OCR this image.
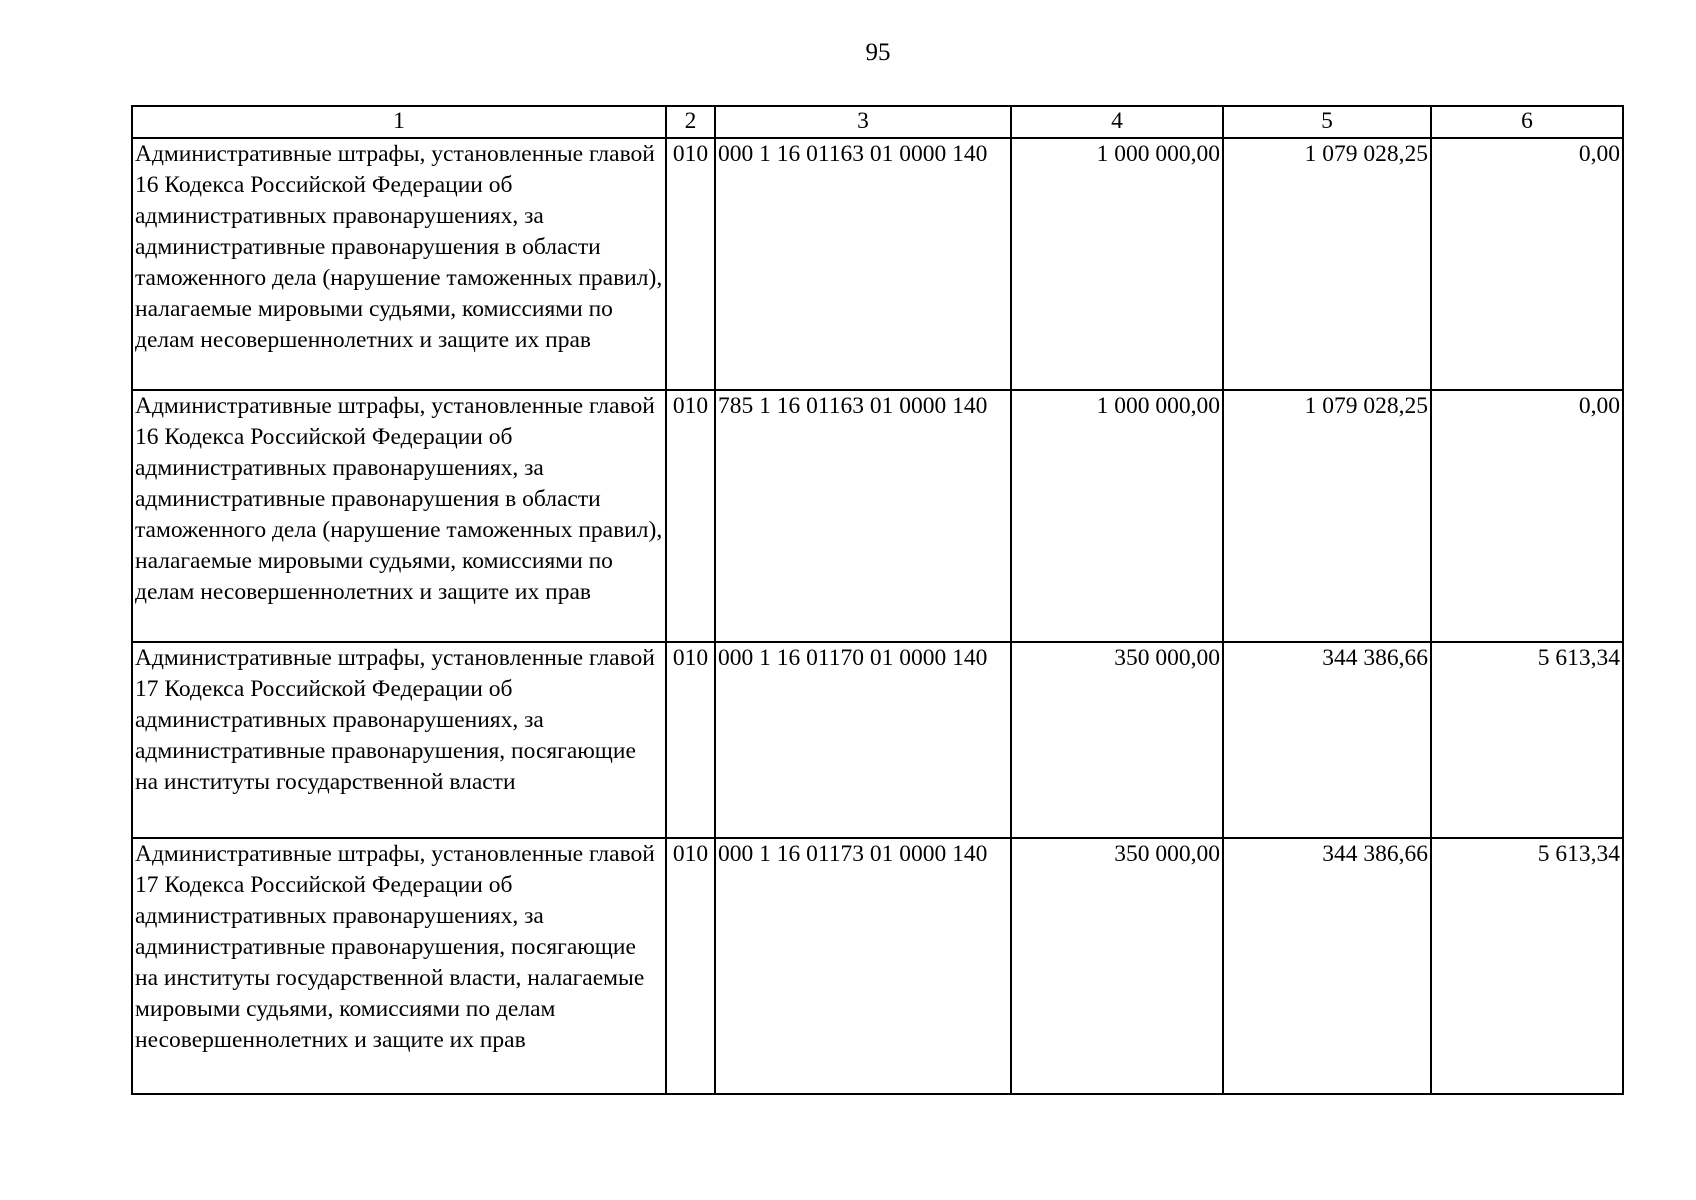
95
1	2	3	4	5	6
Административные штрафы, установленные главой 16 Кодекса Российской Федерации об административных правонарушениях, за административные правонарушения в области таможенного дела (нарушение таможенных правил), налагаемые мировыми судьями, комиссиями по делам несовершеннолетних и защите их прав	010	000 1 16 01163 01 0000 140	1 000 000,00	1 079 028,25	0,00
Административные штрафы, установленные главой 16 Кодекса Российской Федерации об административных правонарушениях, за административные правонарушения в области таможенного дела (нарушение таможенных правил), налагаемые мировыми судьями, комиссиями по делам несовершеннолетних и защите их прав	010	785 1 16 01163 01 0000 140	1 000 000,00	1 079 028,25	0,00
Административные штрафы, установленные главой 17 Кодекса Российской Федерации об административных правонарушениях, за административные правонарушения, посягающие на институты государственной власти	010	000 1 16 01170 01 0000 140	350 000,00	344 386,66	5 613,34
Административные штрафы, установленные главой 17 Кодекса Российской Федерации об административных правонарушениях, за административные правонарушения, посягающие на институты государственной власти, налагаемые мировыми судьями, комиссиями по делам несовершеннолетних и защите их прав	010	000 1 16 01173 01 0000 140	350 000,00	344 386,66	5 613,34
